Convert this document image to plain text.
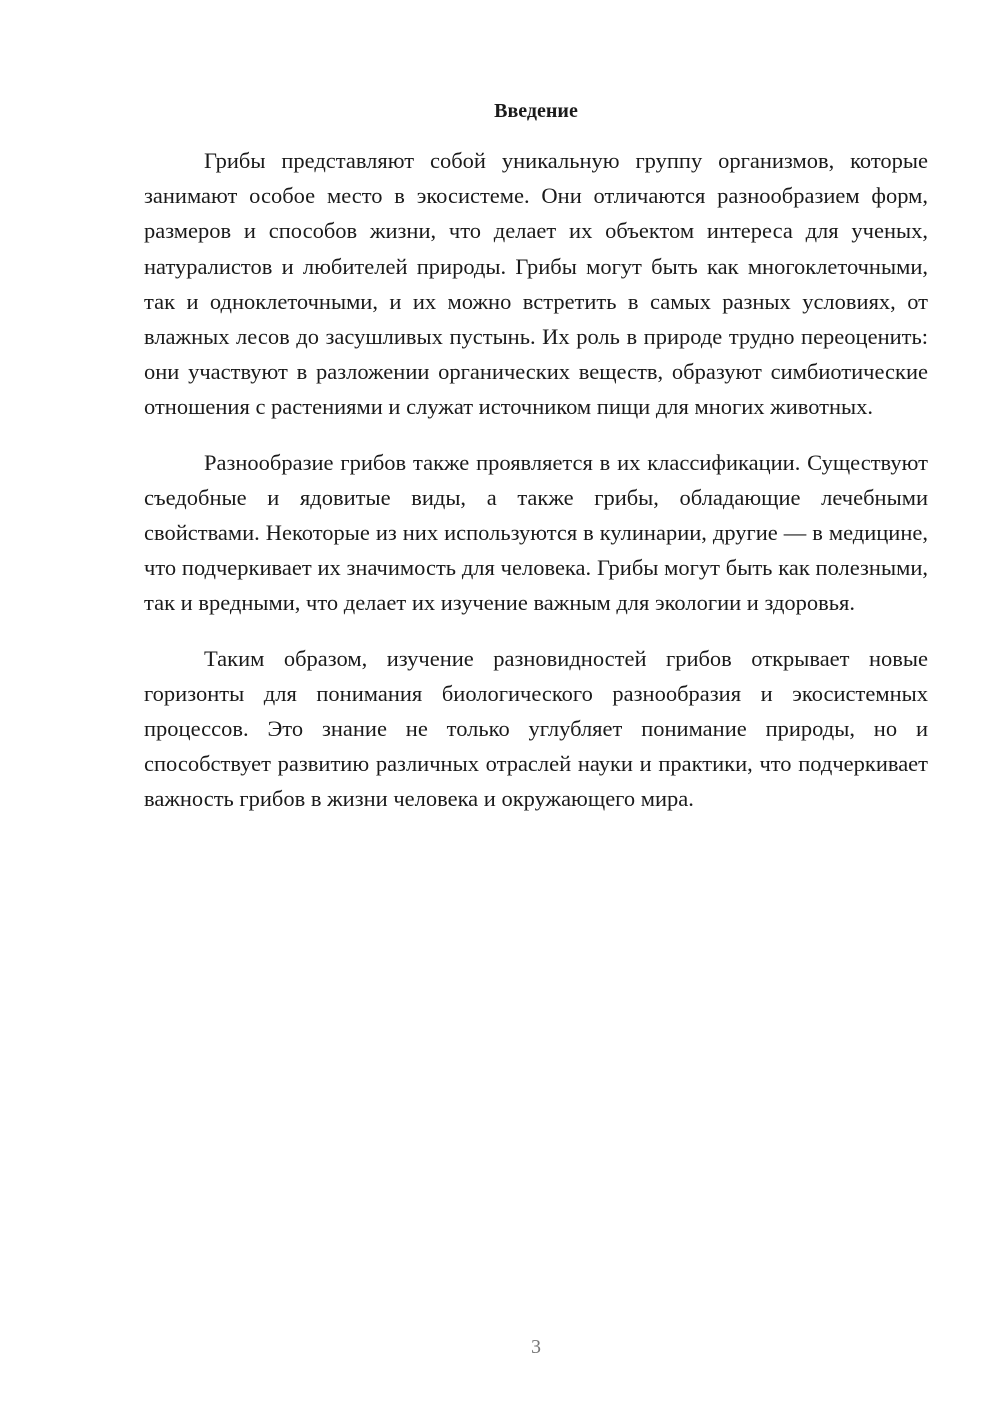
Введение

Грибы представляют собой уникальную группу организмов, которые занимают особое место в экосистеме. Они отличаются разнообразием форм, размеров и способов жизни, что делает их объектом интереса для ученых, натуралистов и любителей природы. Грибы могут быть как многоклеточными, так и одноклеточными, и их можно встретить в самых разных условиях, от влажных лесов до засушливых пустынь. Их роль в природе трудно переоценить: они участвуют в разложении органических веществ, образуют симбиотические отношения с растениями и служат источником пищи для многих животных.

Разнообразие грибов также проявляется в их классификации. Существуют съедобные и ядовитые виды, а также грибы, обладающие лечебными свойствами. Некоторые из них используются в кулинарии, другие — в медицине, что подчеркивает их значимость для человека. Грибы могут быть как полезными, так и вредными, что делает их изучение важным для экологии и здоровья.

Таким образом, изучение разновидностей грибов открывает новые горизонты для понимания биологического разнообразия и экосистемных процессов. Это знание не только углубляет понимание природы, но и способствует развитию различных отраслей науки и практики, что подчеркивает важность грибов в жизни человека и окружающего мира.

3
